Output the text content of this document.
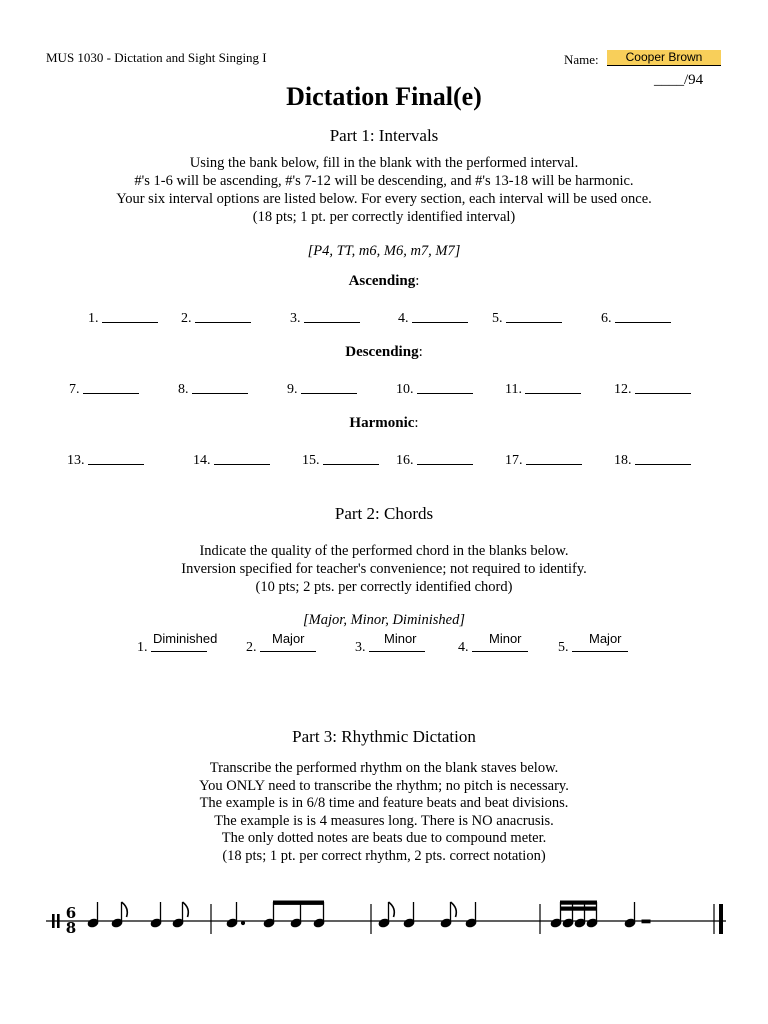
MUS 1030 - Dictation and Sight Singing I	Name:	Cooper Brown
____/94
Dictation Final(e)
Part 1: Intervals
Using the bank below, fill in the blank with the performed interval.
#'s 1-6 will be ascending, #'s 7-12 will be descending, and #'s 13-18 will be harmonic.
Your six interval options are listed below. For every section, each interval will be used once.
(18 pts; 1 pt. per correctly identified interval)
[P4, TT, m6, M6, m7, M7]
Ascending:
1.	2.	3.	4.	5.	6.
Descending:
7.	8.	9.	10.	11.	12.
Harmonic:
13.	14.	15.	16.	17.	18.
Part 2: Chords
Indicate the quality of the performed chord in the blanks below.
Inversion specified for teacher's convenience; not required to identify.
(10 pts; 2 pts. per correctly identified chord)
[Major, Minor, Diminished]
Diminished
1.
Major
2.
Minor
3.
Minor
4.
Major
5.
Part 3: Rhythmic Dictation
Transcribe the performed rhythm on the blank staves below.
You ONLY need to transcribe the rhythm; no pitch is necessary.
The example is in 6/8 time and feature beats and beat divisions.
The example is is 4 measures long. There is NO anacrusis.
The only dotted notes are beats due to compound meter.
(18 pts; 1 pt. per correct rhythm, 2 pts. correct notation)
6
8
